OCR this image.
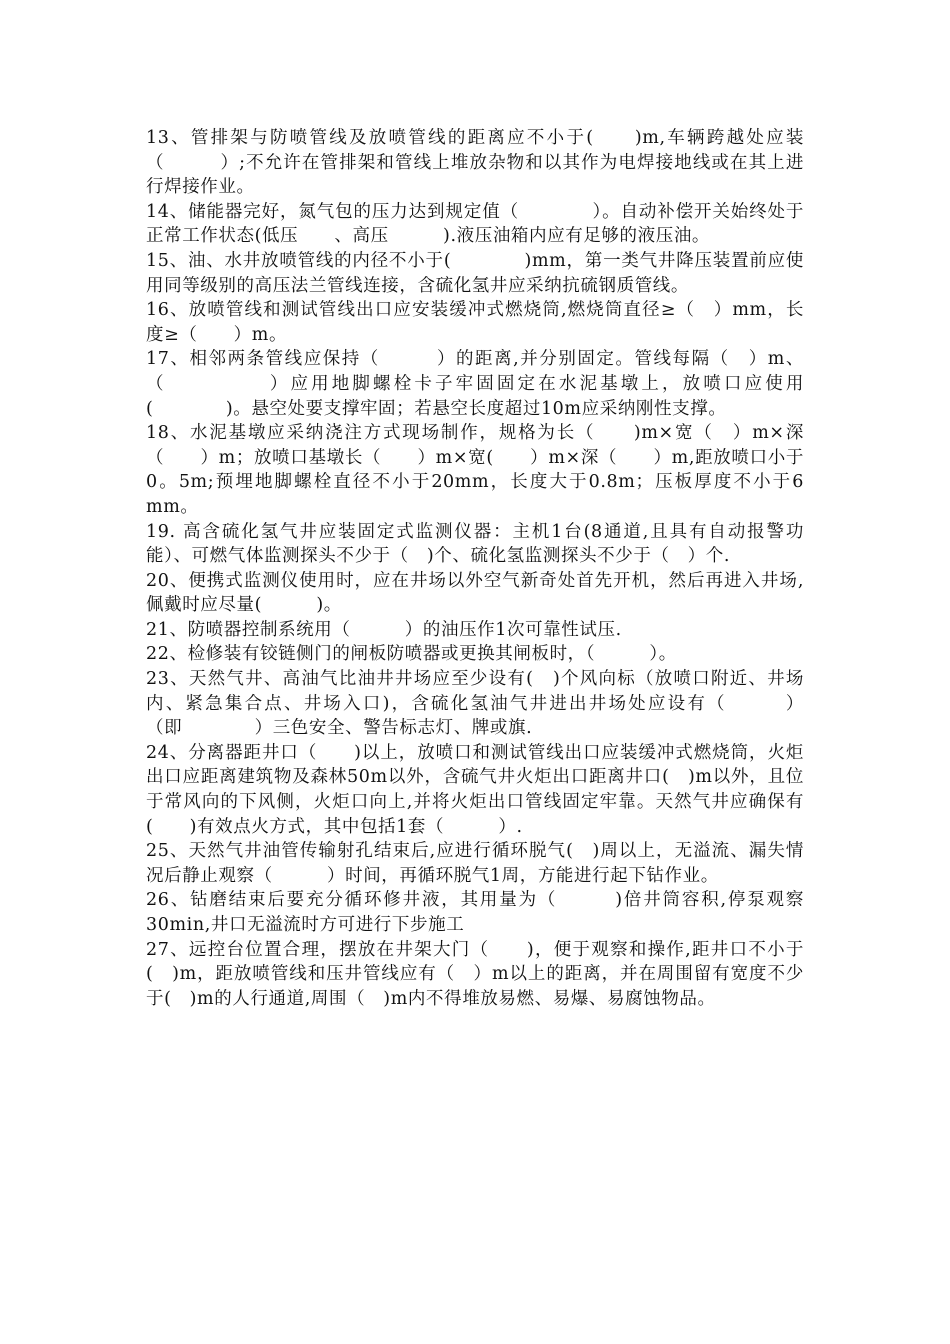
13、管排架与防喷管线及放喷管线的距离应不小于(　　)m,车辆跨越处应装（　　　）;不允许在管排架和管线上堆放杂物和以其作为电焊接地线或在其上进行焊接作业。

14、储能器完好，氮气包的压力达到规定值（　　　　）。自动补偿开关始终处于正常工作状态(低压　　、高压　　　).液压油箱内应有足够的液压油。

15、油、水井放喷管线的内径不小于(　　　　)mm，第一类气井降压装置前应使用同等级别的高压法兰管线连接，含硫化氢井应采纳抗硫钢质管线。

16、放喷管线和测试管线出口应安装缓冲式燃烧筒,燃烧筒直径≥（　）mm，长度≥（　　）m。

17、相邻两条管线应保持（　　　）的距离,并分别固定。管线每隔（　）m、（　　　　　）应用地脚螺栓卡子牢固固定在水泥基墩上，放喷口应使用(　　　　)。悬空处要支撑牢固；若悬空长度超过10m应采纳刚性支撑。

18、水泥基墩应采纳浇注方式现场制作，规格为长（　　)m×宽（　）m×深（　　）m；放喷口基墩长（　　）m×宽(　　）m×深（　　）m,距放喷口小于0。5m;预埋地脚螺栓直径不小于20mm，长度大于0.8m；压板厚度不小于6 mm。

19. 高含硫化氢气井应装固定式监测仪器：主机1台(8通道,且具有自动报警功能）、可燃气体监测探头不少于（　)个、硫化氢监测探头不少于（　）个.

20、便携式监测仪使用时，应在井场以外空气新奇处首先开机，然后再进入井场,佩戴时应尽量(　　　)。

21、防喷器控制系统用（　　　）的油压作1次可靠性试压.

22、检修装有铰链侧门的闸板防喷器或更换其闸板时，（　　　）。

23、天然气井、高油气比油井井场应至少设有(　)个风向标（放喷口附近、井场内、紧急集合点、井场入口)，含硫化氢油气井进出井场处应设有（　　　）（即　　　　）三色安全、警告标志灯、牌或旗.

24、分离器距井口（　　)以上，放喷口和测试管线出口应装缓冲式燃烧筒，火炬出口应距离建筑物及森林50m以外，含硫气井火炬出口距离井口(　)m以外，且位于常风向的下风侧，火炬口向上,并将火炬出口管线固定牢靠。天然气井应确保有(　　)有效点火方式，其中包括1套（　　　）.

25、天然气井油管传输射孔结束后,应进行循环脱气(　)周以上，无溢流、漏失情况后静止观察（　　　）时间，再循环脱气1周，方能进行起下钻作业。

26、钻磨结束后要充分循环修井液，其用量为（　　　)倍井筒容积,停泵观察30min,井口无溢流时方可进行下步施工

27、远控台位置合理，摆放在井架大门（　　)，便于观察和操作,距井口不小于(　)m，距放喷管线和压井管线应有（　）m以上的距离，并在周围留有宽度不少于(　)m的人行通道,周围（　)m内不得堆放易燃、易爆、易腐蚀物品。
